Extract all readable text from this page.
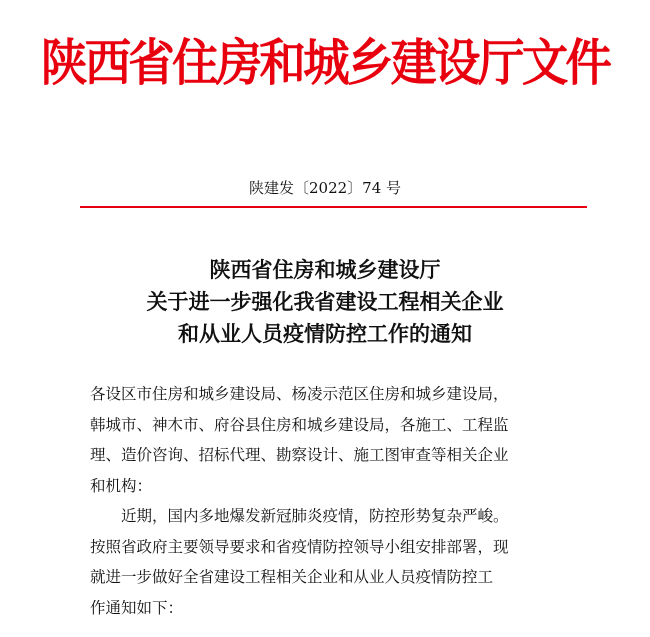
陕西省住房和城乡建设厅文件
陕建发〔2022〕74 号
陕西省住房和城乡建设厅
关于进一步强化我省建设工程相关企业
和从业人员疫情防控工作的通知
各设区市住房和城乡建设局、杨凌示范区住房和城乡建设局，
韩城市、神木市、府谷县住房和城乡建设局，各施工、工程监
理、造价咨询、招标代理、勘察设计、施工图审查等相关企业
和机构：
近期，国内多地爆发新冠肺炎疫情，防控形势复杂严峻。
按照省政府主要领导要求和省疫情防控领导小组安排部署，现
就进一步做好全省建设工程相关企业和从业人员疫情防控工
作通知如下：
